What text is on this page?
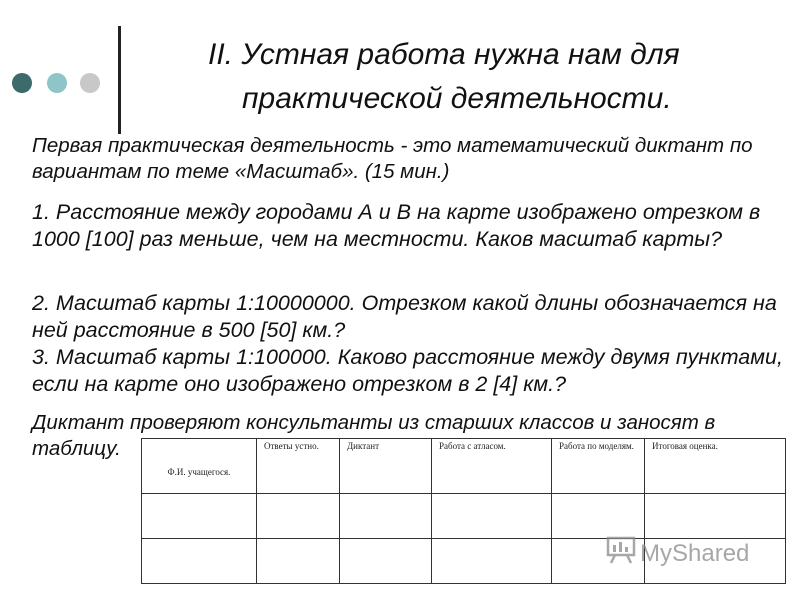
II. Устная работа нужна нам для
практической деятельности.
Первая практическая деятельность - это математический диктант по вариантам по теме «Масштаб». (15 мин.)
1. Расстояние между городами А и В на карте изображено отрезком в 1000 [100] раз меньше, чем на местности. Каков масштаб карты?
2. Масштаб карты 1:10000000. Отрезком какой длины обозначается на ней расстояние в 500 [50] км.?
3. Масштаб карты 1:100000. Каково расстояние между двумя пунктами, если на карте оно изображено отрезком в 2 [4] км.?
Диктант проверяют консультанты из старших классов и заносят в таблицу.
Ф.И. учащегося.	Ответы устно.	Диктант	Работа с атласом.	Работа по моделям.	Итоговая оценка.

MyShared
